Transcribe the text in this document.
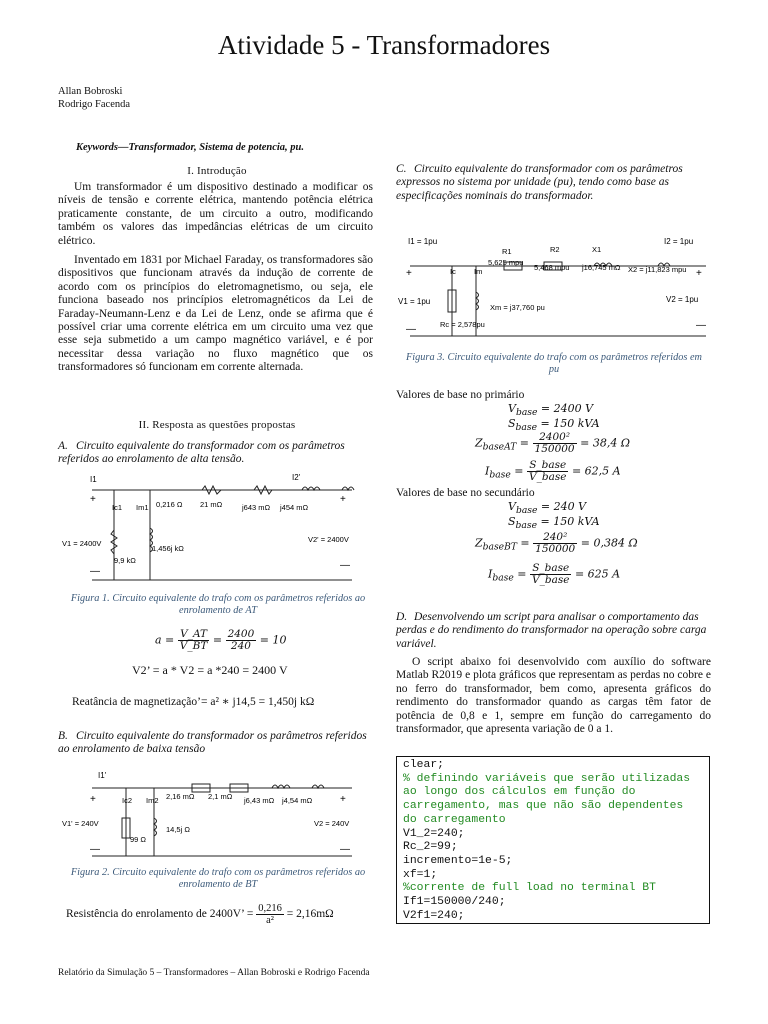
Atividade 5 - Transformadores
Allan Bobroski
Rodrigo Facenda
Keywords—Transformador, Sistema de potencia, pu.
I. Introdução

Um transformador é um dispositivo destinado a modificar os níveis de tensão e corrente elétrica, mantendo potência elétrica praticamente constante, de um circuito a outro, modificando também os valores das impedâncias elétricas de um circuito elétrico.

Inventado em 1831 por Michael Faraday, os transformadores são dispositivos que funcionam através da indução de corrente de acordo com os princípios do eletromagnetismo, ou seja, ele funciona baseado nos princípios eletromagnéticos da Lei de Faraday-Neumann-Lenz e da Lei de Lenz, onde se afirma que é possível criar uma corrente elétrica em um circuito uma vez que esse seja submetido a um campo magnético variável, e é por necessitar dessa variação no fluxo magnético que os transformadores só funcionam em corrente alternada.

II. Resposta as questões propostas
A. Circuito equivalente do transformador com os parâmetros referidos ao enrolamento de alta tensão.
I1	I2'
Ic1 Im1 0,216 Ω 21 mΩ	j643 mΩ j454 mΩ
V1 = 2400V	V2' = 2400V
9,9 kΩ
1,456j kΩ
+	+
—
—
Figura 1. Circuito equivalente do trafo com os parâmetros referidos ao enrolamento de AT
$a = \frac{V\_AT}{V\_BT} = \frac{2400}{240} = 10$
V2’ = a * V2 = a *240 = 2400 V
Reatância de magnetização’= a² ∗ j14,5 = 1,450j kΩ
B. Circuito equivalente do transformador os parâmetros referidos ao enrolamento de baixa tensão
I1'
Ic2 Im2 2,16 mΩ 2,1 mΩ j6,43 mΩ j4,54 mΩ
V1' = 240V	V2 = 240V
99 Ω
14,5j Ω
+	+
—	—
Figura 2. Circuito equivalente do trafo com os parâmetros referidos ao enrolamento de BT
Resistência do enrolamento de 2400V’ = $\frac{0,216}{\text{a²}} = 2,16m\Omega$
C. Circuito equivalente do transformador com os parâmetros expressos no sistema por unidade (pu), tendo como base as especificações nominais do transformador.
I1 = 1pu	I2 = 1pu
Ic Im
R1
5,625 mpu
R2
5,468 mpu
X1
j16,745 mΩ X2 = j11,823 mpu
V1 = 1pu	V2 = 1pu
Rc = 2,578pu
Xm = j37,760 pu
+	+
—	—
Figura 3. Circuito equivalente do trafo com os parâmetros referidos em pu
Valores de base no primário
$V_{base} = 2400$ V
$S_{base} = 150$ kVA
$Z_{baseAT} = \frac{\text{2400²}}{150000} = 38,4$ Ω
$I_{base} = \frac{\text{S\_base}}{\text{V\_base}} = 62,5$ A
Valores de base no secundário
$V_{base} = 240$ V
$S_{base} = 150$ kVA
$Z_{baseBT} = \frac{\text{240²}}{150000} = 0,384$ Ω
$I_{base} = \frac{\text{S\_base}}{\text{V\_base}} = 625$ A
D. Desenvolvendo um script para analisar o comportamento das perdas e do rendimento do transformador na operação sobre carga variável.

O script abaixo foi desenvolvido com auxílio do software Matlab R2019 e plota gráficos que representam as perdas no cobre e no ferro do transformador, bem como, apresenta gráficos do rendimento do transformador quando as cargas têm fator de potência de 0,8 e 1, sempre em função do carregamento do transformador, que apresenta variação de 0 a 1.

clear;
% definindo variáveis que serão utilizadas ao longo dos cálculos em função do carregamento, mas que não são dependentes do carregamento
V1_2=240;
Rc_2=99;
incremento=1e-5;
xf=1;
%corrente de full load no terminal BT
If1=150000/240;
V2f1=240;
Relatório da Simulação 5 – Transformadores – Allan Bobroski e Rodrigo Facenda
